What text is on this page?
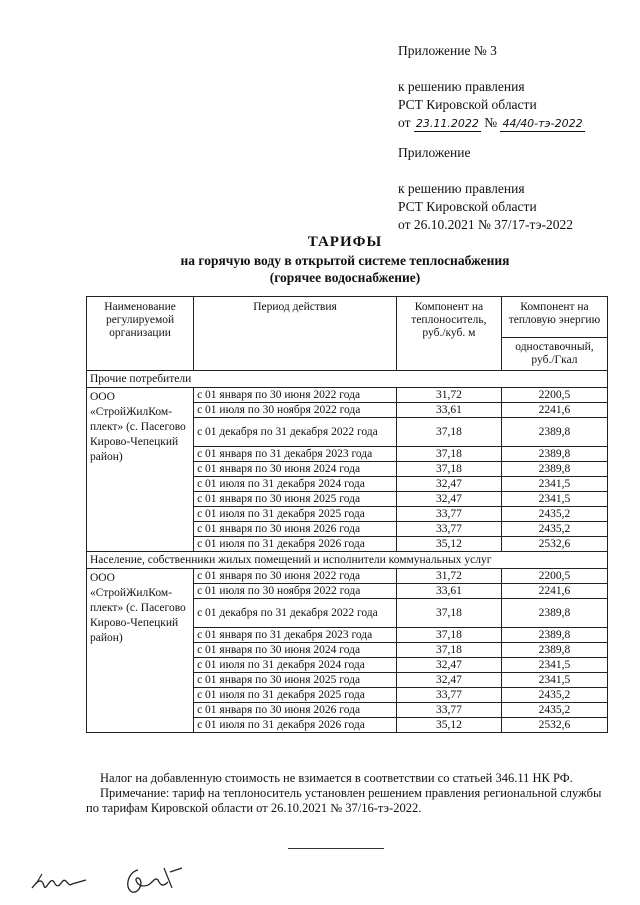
Приложение № 3
к решению правления
РСТ Кировской области
от 23.11.2022 № 44/40-тэ-2022
Приложение
к решению правления
РСТ Кировской области
от 26.10.2021 № 37/17-тэ-2022
ТАРИФЫ
на горячую воду в открытой системе теплоснабжения
(горячее водоснабжение)
Наименование регулируемой организации	Период действия	Компонент на теплоноситель, руб./куб. м	Компонент на тепловую энергию
			одноставочный, руб./Гкал
Прочие потребители			
ООО «СтройЖилКом-плект» (с. Пасегово Кирово-Чепецкий район)	с 01 января по 30 июня 2022 года	31,72	2200,5
	с 01 июля по 30 ноября 2022 года	33,61	2241,6
	с 01 декабря по 31 декабря 2022 года	37,18	2389,8
	с 01 января по 31 декабря 2023 года	37,18	2389,8
	с 01 января по 30 июня 2024 года	37,18	2389,8
	с 01 июля по 31 декабря 2024 года	32,47	2341,5
	с 01 января по 30 июня 2025 года	32,47	2341,5
	с 01 июля по 31 декабря 2025 года	33,77	2435,2
	с 01 января по 30 июня 2026 года	33,77	2435,2
	с 01 июля по 31 декабря 2026 года	35,12	2532,6
Население, собственники жилых помещений и исполнители коммунальных услуг			
ООО «СтройЖилКом-плект» (с. Пасегово Кирово-Чепецкий район)	с 01 января по 30 июня 2022 года	31,72	2200,5
	с 01 июля по 30 ноября 2022 года	33,61	2241,6
	с 01 декабря по 31 декабря 2022 года	37,18	2389,8
	с 01 января по 31 декабря 2023 года	37,18	2389,8
	с 01 января по 30 июня 2024 года	37,18	2389,8
	с 01 июля по 31 декабря 2024 года	32,47	2341,5
	с 01 января по 30 июня 2025 года	32,47	2341,5
	с 01 июля по 31 декабря 2025 года	33,77	2435,2
	с 01 января по 30 июня 2026 года	33,77	2435,2
	с 01 июля по 31 декабря 2026 года	35,12	2532,6
Налог на добавленную стоимость не взимается в соответствии со статьей 346.11 НК РФ.
Примечание: тариф на теплоноситель установлен решением правления региональной службы по тарифам Кировской области от 26.10.2021 № 37/16-тэ-2022.
